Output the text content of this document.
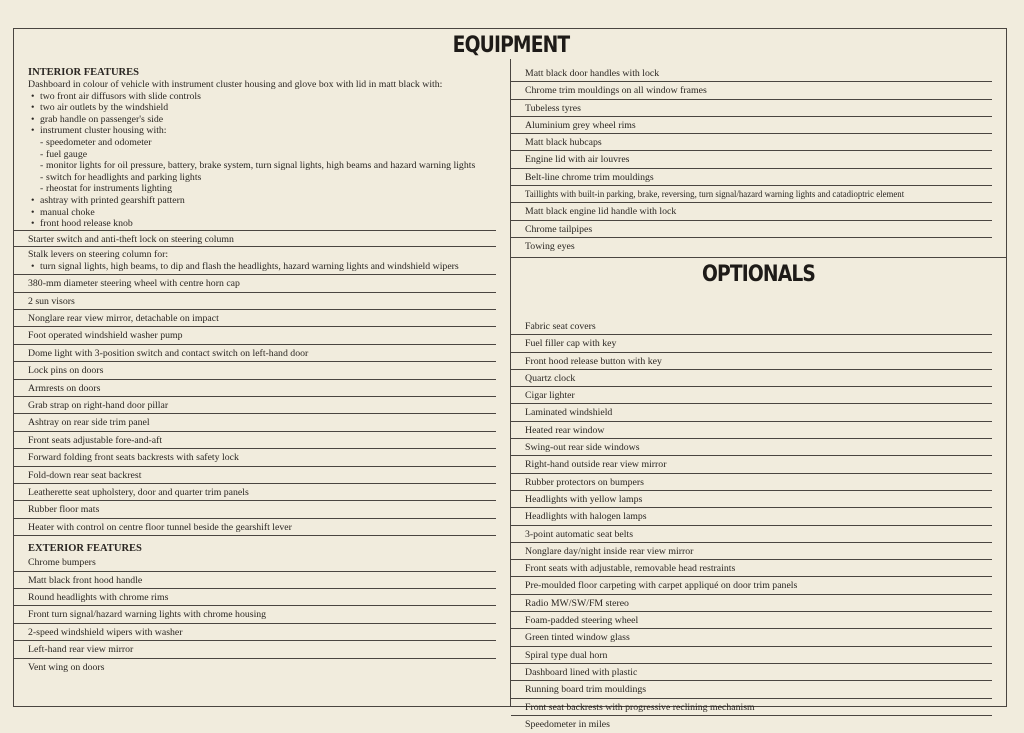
EQUIPMENT
INTERIOR FEATURES
Dashboard in colour of vehicle with instrument cluster housing and glove box with lid in matt black with:
• two front air diffusors with slide controls
• two air outlets by the windshield
• grab handle on passenger's side
• instrument cluster housing with:
- speedometer and odometer
- fuel gauge
- monitor lights for oil pressure, battery, brake system, turn signal lights, high beams and hazard warning lights
- switch for headlights and parking lights
- rheostat for instruments lighting
• ashtray with printed gearshift pattern
• manual choke
• front hood release knob
Starter switch and anti-theft lock on steering column
Stalk levers on steering column for:
• turn signal lights, high beams, to dip and flash the headlights, hazard warning lights and windshield wipers
380-mm diameter steering wheel with centre horn cap
2 sun visors
Nonglare rear view mirror, detachable on impact
Foot operated windshield washer pump
Dome light with 3-position switch and contact switch on left-hand door
Lock pins on doors
Armrests on doors
Grab strap on right-hand door pillar
Ashtray on rear side trim panel
Front seats adjustable fore-and-aft
Forward folding front seats backrests with safety lock
Fold-down rear seat backrest
Leatherette seat upholstery, door and quarter trim panels
Rubber floor mats
Heater with control on centre floor tunnel beside the gearshift lever
EXTERIOR FEATURES
Chrome bumpers
Matt black front hood handle
Round headlights with chrome rims
Front turn signal/hazard warning lights with chrome housing
2-speed windshield wipers with washer
Left-hand rear view mirror
Vent wing on doors
Matt black door handles with lock
Chrome trim mouldings on all window frames
Tubeless tyres
Aluminium grey wheel rims
Matt black hubcaps
Engine lid with air louvres
Belt-line chrome trim mouldings
Taillights with built-in parking, brake, reversing, turn signal/hazard warning lights and catadioptric element
Matt black engine lid handle with lock
Chrome tailpipes
Towing eyes
OPTIONALS
Fabric seat covers
Fuel filler cap with key
Front hood release button with key
Quartz clock
Cigar lighter
Laminated windshield
Heated rear window
Swing-out rear side windows
Right-hand outside rear view mirror
Rubber protectors on bumpers
Headlights with yellow lamps
Headlights with halogen lamps
3-point automatic seat belts
Nonglare day/night inside rear view mirror
Front seats with adjustable, removable head restraints
Pre-moulded floor carpeting with carpet appliqué on door trim panels
Radio MW/SW/FM stereo
Foam-padded steering wheel
Green tinted window glass
Spiral type dual horn
Dashboard lined with plastic
Running board trim mouldings
Front seat backrests with progressive reclining mechanism
Speedometer in miles
